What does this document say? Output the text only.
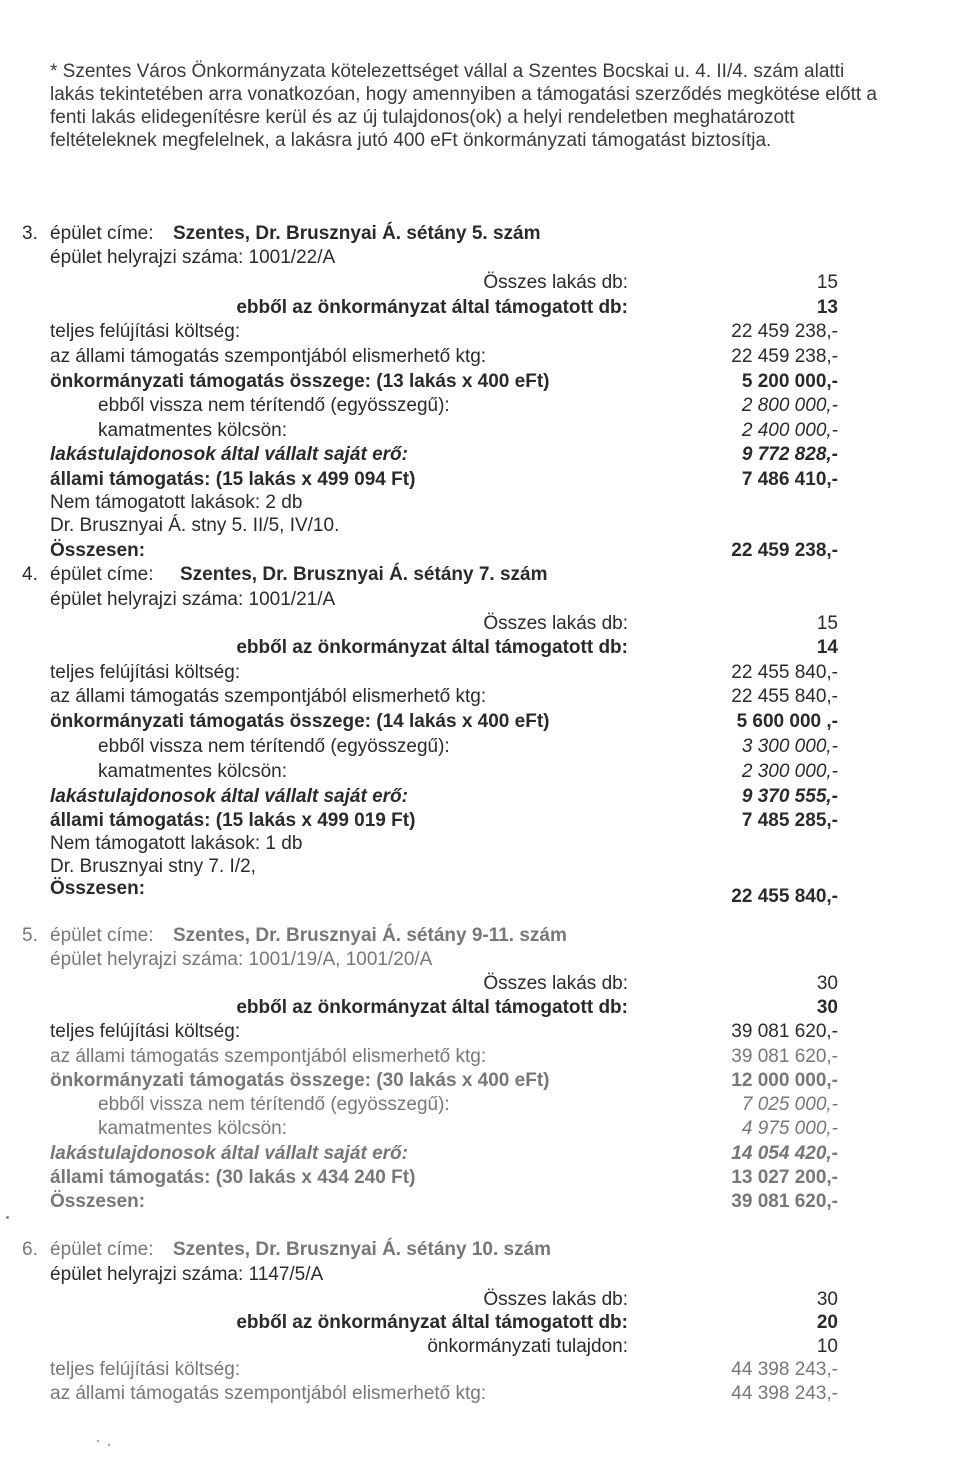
* Szentes Város Önkormányzata kötelezettséget vállal a Szentes Bocskai u. 4. II/4. szám alatti lakás tekintetében arra vonatkozóan, hogy amennyiben a támogatási szerződés megkötése előtt a fenti lakás elidegenítésre kerül és az új tulajdonos(ok) a helyi rendeletben meghatározott feltételeknek megfelelnek, a lakásra jutó 400 eFt önkormányzati támogatást biztosítja.
3. épület címe: Szentes, Dr. Brusznyai Á. sétány 5. szám
épület helyrajzi száma: 1001/22/A
Összes lakás db:	15
ebből az önkormányzat által támogatott db:	13
teljes felújítási költség:	22 459 238,-
az állami támogatás szempontjából elismerhető ktg:	22 459 238,-
önkormányzati támogatás összege: (13 lakás x 400 eFt)	5 200 000,-
ebből vissza nem térítendő (egyösszegű):	2 800 000,-
kamatmentes kölcsön:	2 400 000,-
lakástulajdonosok által vállalt saját erő:	9 772 828,-
állami támogatás: (15 lakás x 499 094 Ft)	7 486 410,-
Nem támogatott lakások: 2 db
Dr. Brusznyai Á. stny 5. II/5, IV/10.
Összesen:	22 459 238,-
4. épület címe: Szentes, Dr. Brusznyai Á. sétány 7. szám
épület helyrajzi száma: 1001/21/A
Összes lakás db:	15
ebből az önkormányzat által támogatott db:	14
teljes felújítási költség:	22 455 840,-
az állami támogatás szempontjából elismerhető ktg:	22 455 840,-
önkormányzati támogatás összege: (14 lakás x 400 eFt)	5 600 000 ,-
ebből vissza nem térítendő (egyösszegű):	3 300 000,-
kamatmentes kölcsön:	2 300 000,-
lakástulajdonosok által vállalt saját erő:	9 370 555,-
állami támogatás: (15 lakás x 499 019 Ft)	7 485 285,-
Nem támogatott lakások: 1 db
Dr. Brusznyai stny 7. I/2,
Összesen:	22 455 840,-
5. épület címe: Szentes, Dr. Brusznyai Á. sétány 9-11. szám
épület helyrajzi száma: 1001/19/A, 1001/20/A
Összes lakás db:	30
ebből az önkormányzat által támogatott db:	30
teljes felújítási költség:	39 081 620,-
az állami támogatás szempontjából elismerhető ktg:	39 081 620,-
önkormányzati támogatás összege: (30 lakás x 400 eFt)	12 000 000,-
ebből vissza nem térítendő (egyösszegű):	7 025 000,-
kamatmentes kölcsön:	4 975 000,-
lakástulajdonosok által vállalt saját erő:	14 054 420,-
állami támogatás: (30 lakás x 434 240 Ft)	13 027 200,-
Összesen:	39 081 620,-
6. épület címe: Szentes, Dr. Brusznyai Á. sétány 10. szám
épület helyrajzi száma: 1147/5/A
Összes lakás db:	30
ebből az önkormányzat által támogatott db:	20
önkormányzati tulajdon:	10
teljes felújítási költség:	44 398 243,-
az állami támogatás szempontjából elismerhető ktg:	44 398 243,-
